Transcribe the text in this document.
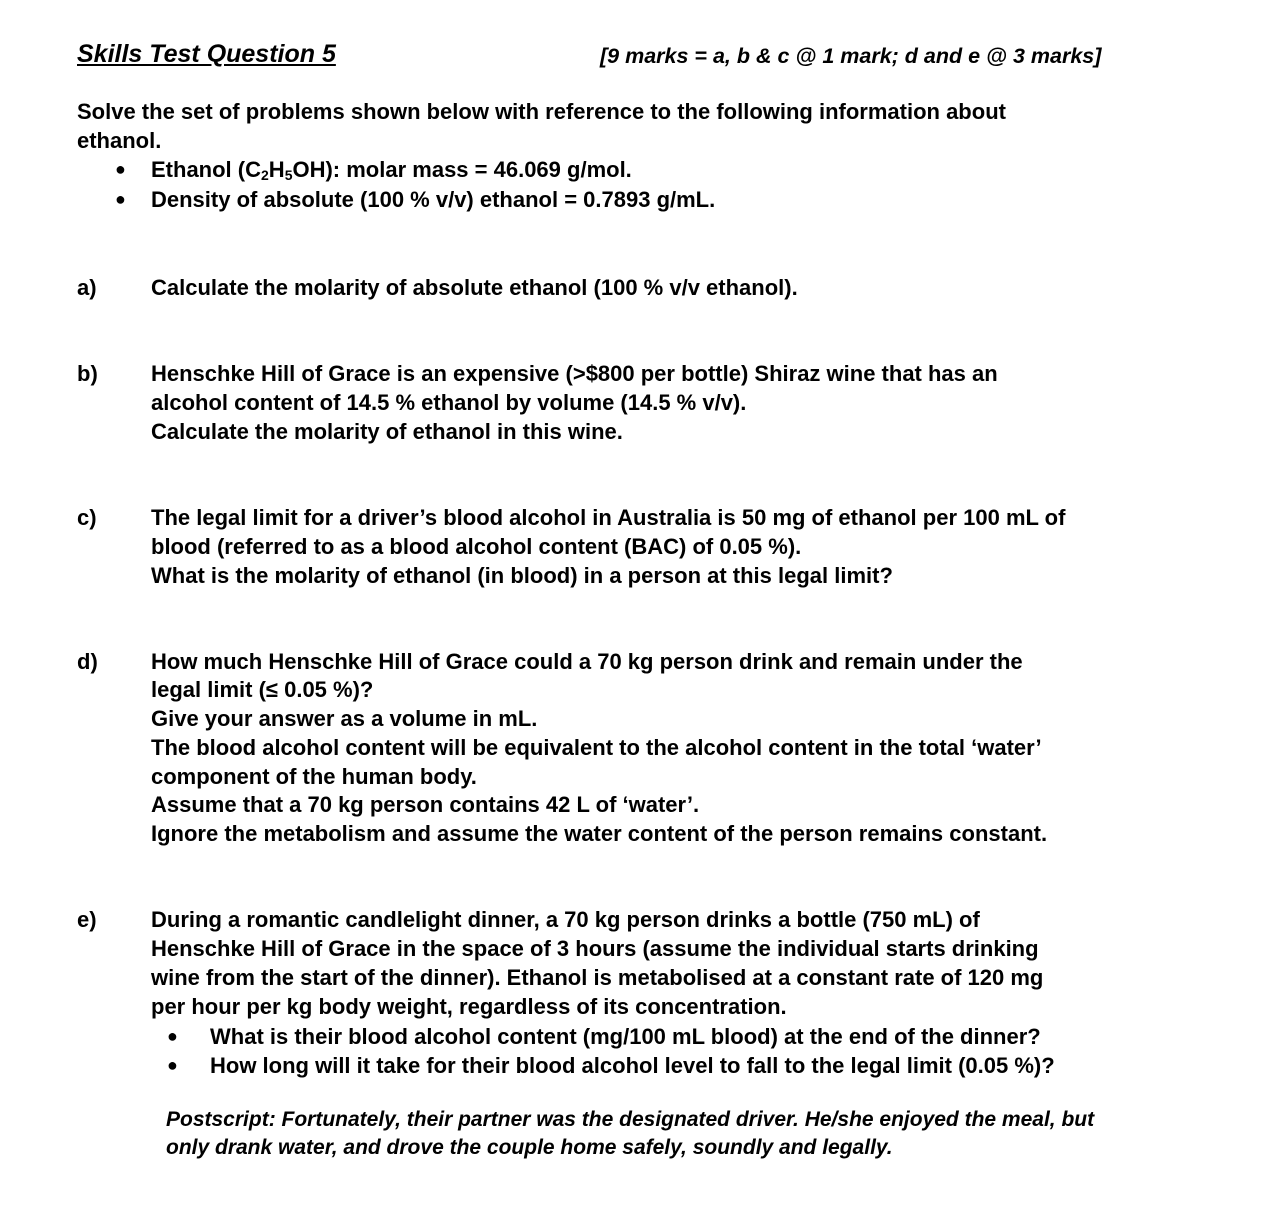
Skills Test Question 5	[9 marks = a, b & c @ 1 mark; d and e @ 3 marks]
Solve the set of problems shown below with reference to the following information about
ethanol.
● Ethanol $(C_2H_5OH)$: molar mass = 46.069 g/mol.
● Density of absolute (100 % v/v) ethanol = 0.7893 g/mL.
a) Calculate the molarity of absolute ethanol (100 % v/v ethanol).
b) Henschke Hill of Grace is an expensive (>$800 per bottle) Shiraz wine that has an
alcohol content of 14.5 % ethanol by volume (14.5 % v/v).
Calculate the molarity of ethanol in this wine.
c) The legal limit for a driver’s blood alcohol in Australia is 50 mg of ethanol per 100 mL of
blood (referred to as a blood alcohol content (BAC) of 0.05 %).
What is the molarity of ethanol (in blood) in a person at this legal limit?
d) How much Henschke Hill of Grace could a 70 kg person drink and remain under the
legal limit (≤ 0.05 %)?
Give your answer as a volume in mL.
The blood alcohol content will be equivalent to the alcohol content in the total ‘water’
component of the human body.
Assume that a 70 kg person contains 42 L of ‘water’.
Ignore the metabolism and assume the water content of the person remains constant.
e) During a romantic candlelight dinner, a 70 kg person drinks a bottle (750 mL) of
Henschke Hill of Grace in the space of 3 hours (assume the individual starts drinking
wine from the start of the dinner). Ethanol is metabolised at a constant rate of 120 mg
per hour per kg body weight, regardless of its concentration.
● What is their blood alcohol content (mg/100 mL blood) at the end of the dinner?
● How long will it take for their blood alcohol level to fall to the legal limit (0.05 %)?
Postscript: Fortunately, their partner was the designated driver. He/she enjoyed the meal, but
only drank water, and drove the couple home safely, soundly and legally.
